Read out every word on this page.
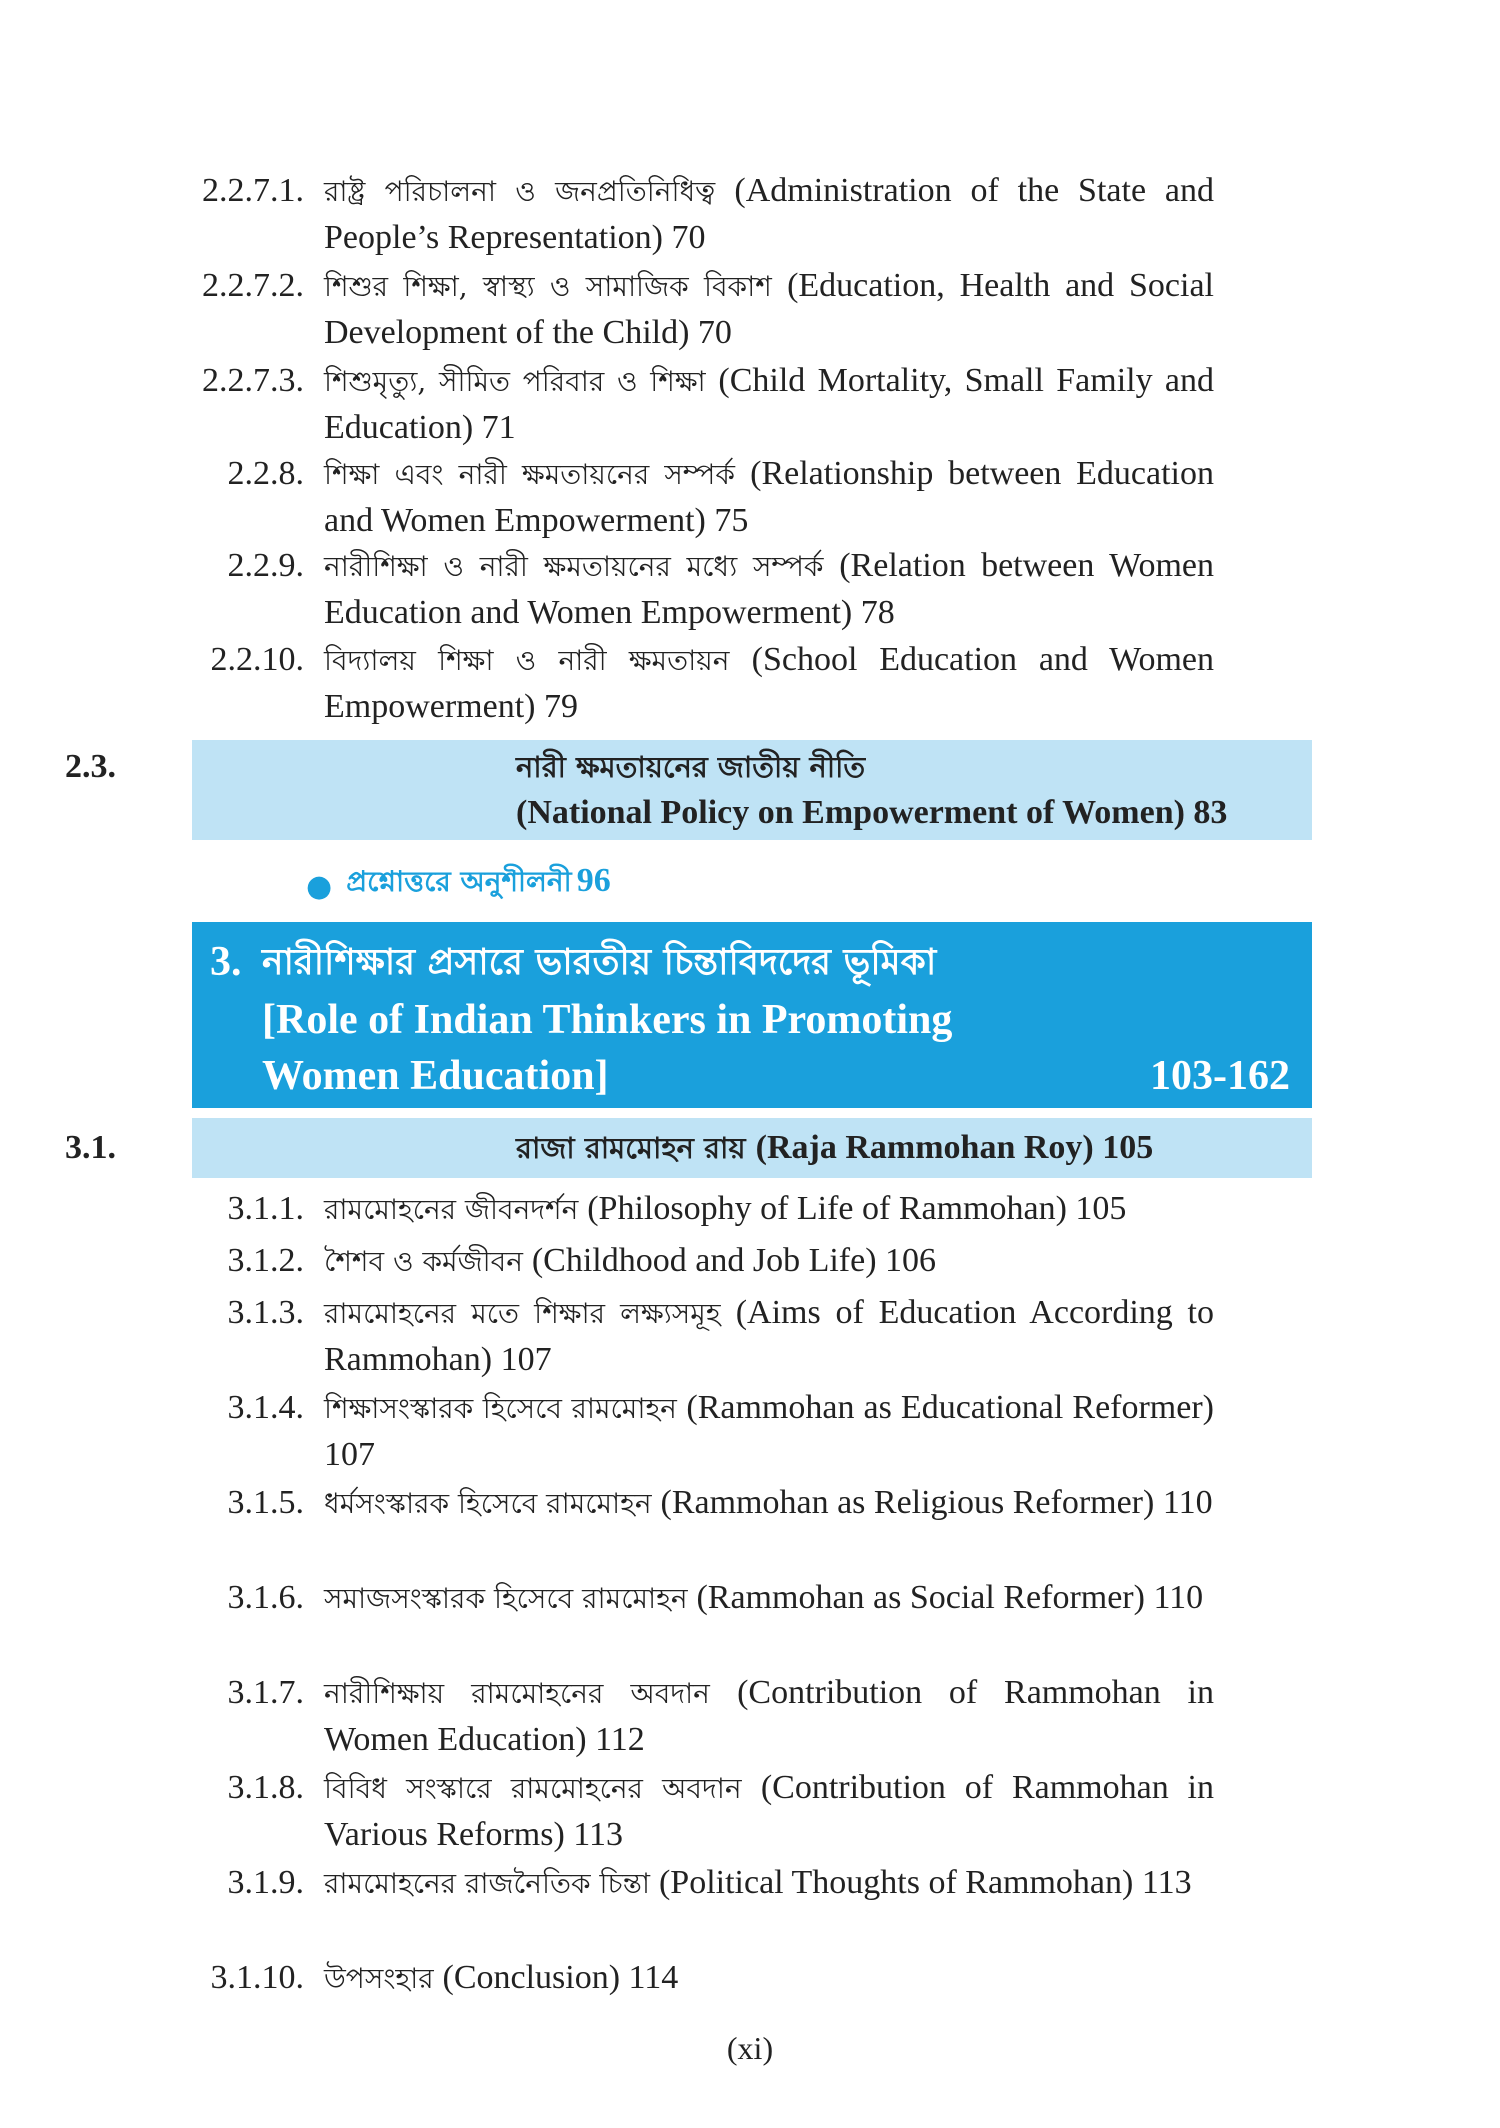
2.2.7.1. রাষ্ট্র পরিচালনা ও জনপ্রতিনিধিত্ব (Administration of the State and People’s Representation) 70
2.2.7.2. শিশুর শিক্ষা, স্বাস্থ্য ও সামাজিক বিকাশ (Education, Health and Social Development of the Child) 70
2.2.7.3. শিশুমৃত্যু, সীমিত পরিবার ও শিক্ষা (Child Mortality, Small Family and Education) 71
2.2.8. শিক্ষা এবং নারী ক্ষমতায়নের সম্পর্ক (Relationship between Education and Women Empowerment) 75
2.2.9. নারীশিক্ষা ও নারী ক্ষমতায়নের মধ্যে সম্পর্ক (Relation between Women Education and Women Empowerment) 78
2.2.10. বিদ্যালয় শিক্ষা ও নারী ক্ষমতায়ন (School Education and Women Empowerment) 79
2.3.	নারী ক্ষমতায়নের জাতীয় নীতি
(National Policy on Empowerment of Women) 83
● প্রশ্নোত্তরে অনুশীলনী 96
3. নারীশিক্ষার প্রসারে ভারতীয় চিন্তাবিদদের ভূমিকা
[Role of Indian Thinkers in Promoting
Women Education]	103-162
3.1.	রাজা রামমোহন রায় (Raja Rammohan Roy) 105
3.1.1. রামমোহনের জীবনদর্শন (Philosophy of Life of Rammohan) 105
3.1.2. শৈশব ও কর্মজীবন (Childhood and Job Life) 106
3.1.3. রামমোহনের মতে শিক্ষার লক্ষ্যসমূহ (Aims of Education According to Rammohan) 107
3.1.4. শিক্ষাসংস্কারক হিসেবে রামমোহন (Rammohan as Educational Reformer) 107
3.1.5. ধর্মসংস্কারক হিসেবে রামমোহন (Rammohan as Religious Reformer) 110
3.1.6. সমাজসংস্কারক হিসেবে রামমোহন (Rammohan as Social Reformer) 110
3.1.7. নারীশিক্ষায় রামমোহনের অবদান (Contribution of Rammohan in Women Education) 112
3.1.8. বিবিধ সংস্কারে রামমোহনের অবদান (Contribution of Rammohan in Various Reforms) 113
3.1.9. রামমোহনের রাজনৈতিক চিন্তা (Political Thoughts of Rammohan) 113
3.1.10. উপসংহার (Conclusion) 114
(xi)
